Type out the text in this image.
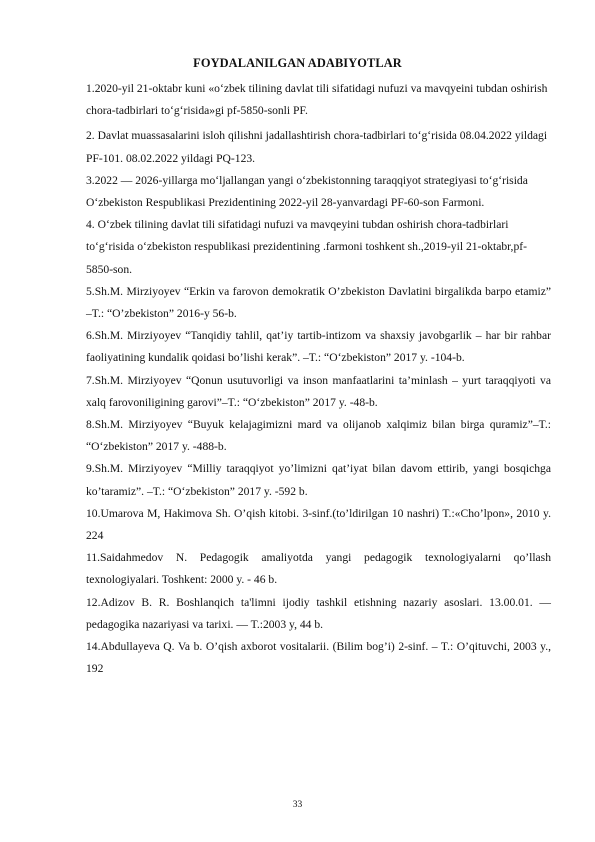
FOYDALANILGAN ADABIYOTLAR

1.2020-yil 21-oktabr kuni «o‘zbek tilining davlat tili sifatidagi nufuzi va mavqyeini tubdan oshirish chora-tadbirlari to‘g‘risida»gi pf-5850-sonli PF.

2. Davlat muassasalarini isloh qilishni jadallashtirish chora-tadbirlari to‘g‘risida 08.04.2022 yildagi PF-101. 08.02.2022 yildagi PQ-123.

3.2022 — 2026-yillarga mo‘ljallangan yangi o‘zbekistonning taraqqiyot strategiyasi to‘g‘risida O‘zbekiston Respublikasi Prezidentining 2022-yil 28-yanvardagi PF-60-son Farmoni.

4. O‘zbek tilining davlat tili sifatidagi nufuzi va mavqeyini tubdan oshirish chora-tadbirlari to‘g‘risida o‘zbekiston respublikasi prezidentining .farmoni toshkent sh.,2019-yil 21-oktabr,pf-5850-son.

5.Sh.M. Mirziyoyev “Erkin va farovon demokratik O’zbekiston Davlatini birgalikda barpo etamiz” –T.: “O’zbekiston” 2016-y 56-b.

6.Sh.M. Mirziyoyev “Tanqidiy tahlil, qat’iy tartib-intizom va shaxsiy javobgarlik – har bir rahbar faoliyatining kundalik qoidasi bo’lishi kerak”. –T.: “O‘zbekiston” 2017 y. -104-b.

7.Sh.M. Mirziyoyev “Qonun usutuvorligi va inson manfaatlarini ta’minlash – yurt taraqqiyoti va xalq farovoniligining garovi”–T.: “O‘zbekiston” 2017 y. -48-b.

8.Sh.M. Mirziyoyev “Buyuk kelajagimizni mard va olijanob xalqimiz bilan birga quramiz”–T.: “O‘zbekiston” 2017 y. -488-b.

9.Sh.M. Mirziyoyev “Milliy taraqqiyot yo’limizni qat’iyat bilan davom ettirib, yangi bosqichga ko’taramiz”. –T.: “O‘zbekiston” 2017 y. -592 b.

10.Umarova M, Hakimova Sh. O’qish kitobi. 3-sinf.(to’ldirilgan 10 nashri) T.:«Cho’lpon», 2010 y. 224

11.Saidahmedov N. Pedagogik amaliyotda yangi pedagogik texnologiyalarni qo’llash texnologiyalari. Toshkent: 2000 y. - 46 b.

12.Adizov B. R. Boshlanqich ta'limni ijodiy tashkil etishning nazariy asoslari. 13.00.01. — pedagogika nazariyasi va tarixi. — T.:2003 y, 44 b.

14.Abdullayeva Q. Va b. O’qish axborot vositalarii. (Bilim bog’i) 2-sinf. – T.: O’qituvchi, 2003 y., 192

33
